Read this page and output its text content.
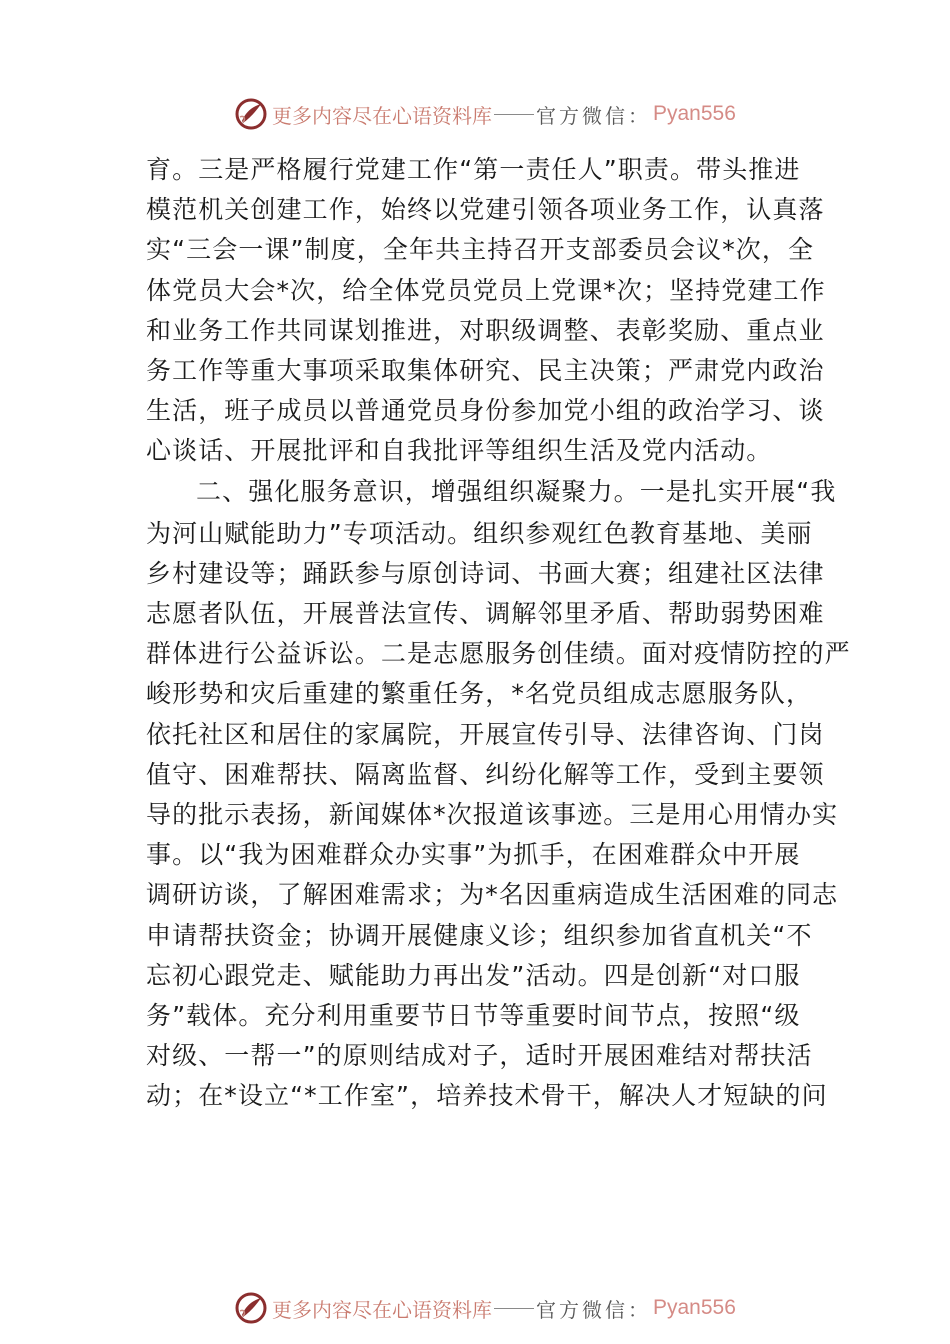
更多内容尽在心语资料库 官方微信： Pyan556
育。三是严格履行党建工作“第一责任人”职责。带头推进
模范机关创建工作，始终以党建引领各项业务工作，认真落
实“三会一课”制度，全年共主持召开支部委员会议*次，全
体党员大会*次，给全体党员党员上党课*次；坚持党建工作
和业务工作共同谋划推进，对职级调整、表彰奖励、重点业
务工作等重大事项采取集体研究、民主决策；严肃党内政治
生活，班子成员以普通党员身份参加党小组的政治学习、谈
心谈话、开展批评和自我批评等组织生活及党内活动。
二、强化服务意识，增强组织凝聚力。一是扎实开展“我
为河山赋能助力”专项活动。组织参观红色教育基地、美丽
乡村建设等；踊跃参与原创诗词、书画大赛；组建社区法律
志愿者队伍，开展普法宣传、调解邻里矛盾、帮助弱势困难
群体进行公益诉讼。二是志愿服务创佳绩。面对疫情防控的严
峻形势和灾后重建的繁重任务，*名党员组成志愿服务队，
依托社区和居住的家属院，开展宣传引导、法律咨询、门岗
值守、困难帮扶、隔离监督、纠纷化解等工作，受到主要领
导的批示表扬，新闻媒体*次报道该事迹。三是用心用情办实
事。以“我为困难群众办实事”为抓手，在困难群众中开展
调研访谈，了解困难需求；为*名因重病造成生活困难的同志
申请帮扶资金；协调开展健康义诊；组织参加省直机关“不
忘初心跟党走、赋能助力再出发”活动。四是创新“对口服
务”载体。充分利用重要节日节等重要时间节点，按照“级
对级、一帮一”的原则结成对子，适时开展困难结对帮扶活
动；在*设立“*工作室”，培养技术骨干，解决人才短缺的问
更多内容尽在心语资料库 官方微信： Pyan556
